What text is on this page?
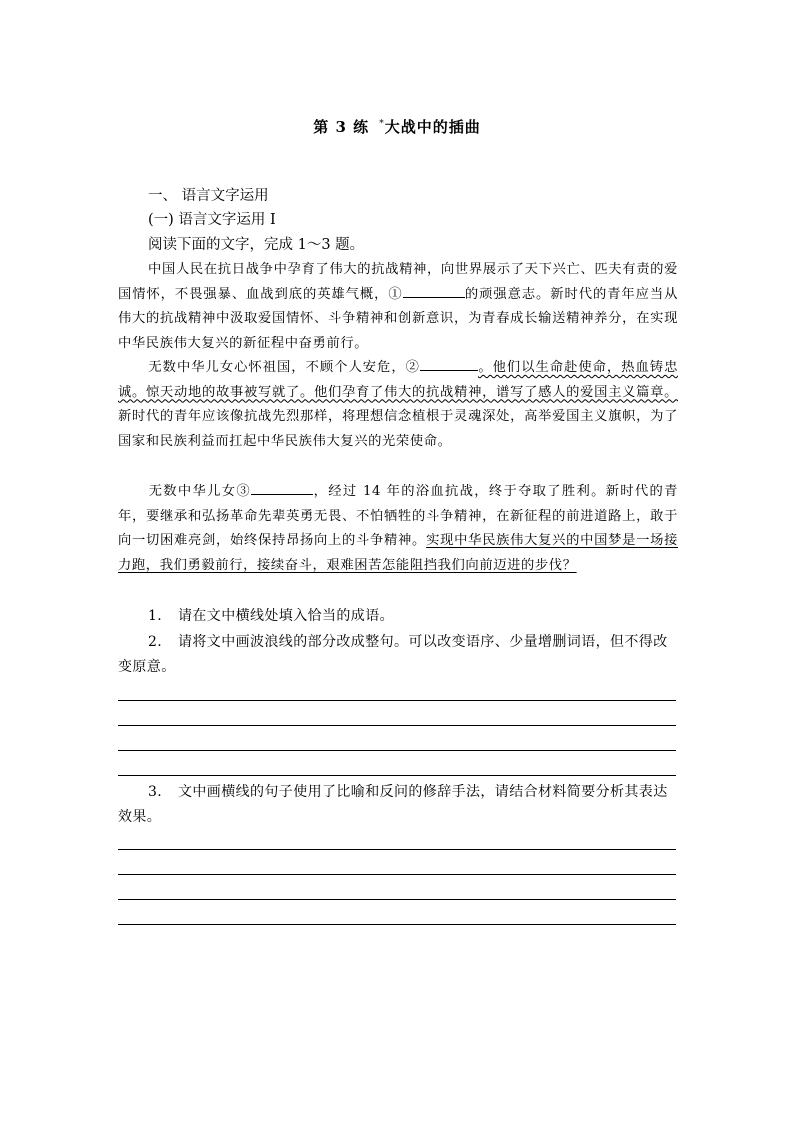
第 3 练 *大战中的插曲
一、 语言文字运用
(一) 语言文字运用 Ⅰ
阅读下面的文字，完成 1～3 题。
中国人民在抗日战争中孕育了伟大的抗战精神，向世界展示了天下兴亡、匹夫有责的爱国情怀，不畏强暴、血战到底的英雄气概，①	的顽强意志。新时代的青年应当从伟大的抗战精神中汲取爱国情怀、斗争精神和创新意识，为青春成长输送精神养分，在实现中华民族伟大复兴的新征程中奋勇前行。
无数中华儿女心怀祖国，不顾个人安危，②	。他们以生命赴使命，热血铸忠诚。惊天动地的故事被写就了。他们孕育了伟大的抗战精神，谱写了感人的爱国主义篇章。新时代的青年应该像抗战先烈那样，将理想信念植根于灵魂深处，高举爱国主义旗帜，为了国家和民族利益而扛起中华民族伟大复兴的光荣使命。
无数中华儿女③	，经过 14 年的浴血抗战，终于夺取了胜利。新时代的青年，要继承和弘扬革命先辈英勇无畏、不怕牺牲的斗争精神，在新征程的前进道路上，敢于向一切困难亮剑，始终保持昂扬向上的斗争精神。实现中华民族伟大复兴的中国梦是一场接力跑，我们勇毅前行，接续奋斗，艰难困苦怎能阻挡我们向前迈进的步伐？
1. 请在文中横线处填入恰当的成语。
2. 请将文中画波浪线的部分改成整句。可以改变语序、少量增删词语，但不得改变原意。
3. 文中画横线的句子使用了比喻和反问的修辞手法，请结合材料简要分析其表达效果。
